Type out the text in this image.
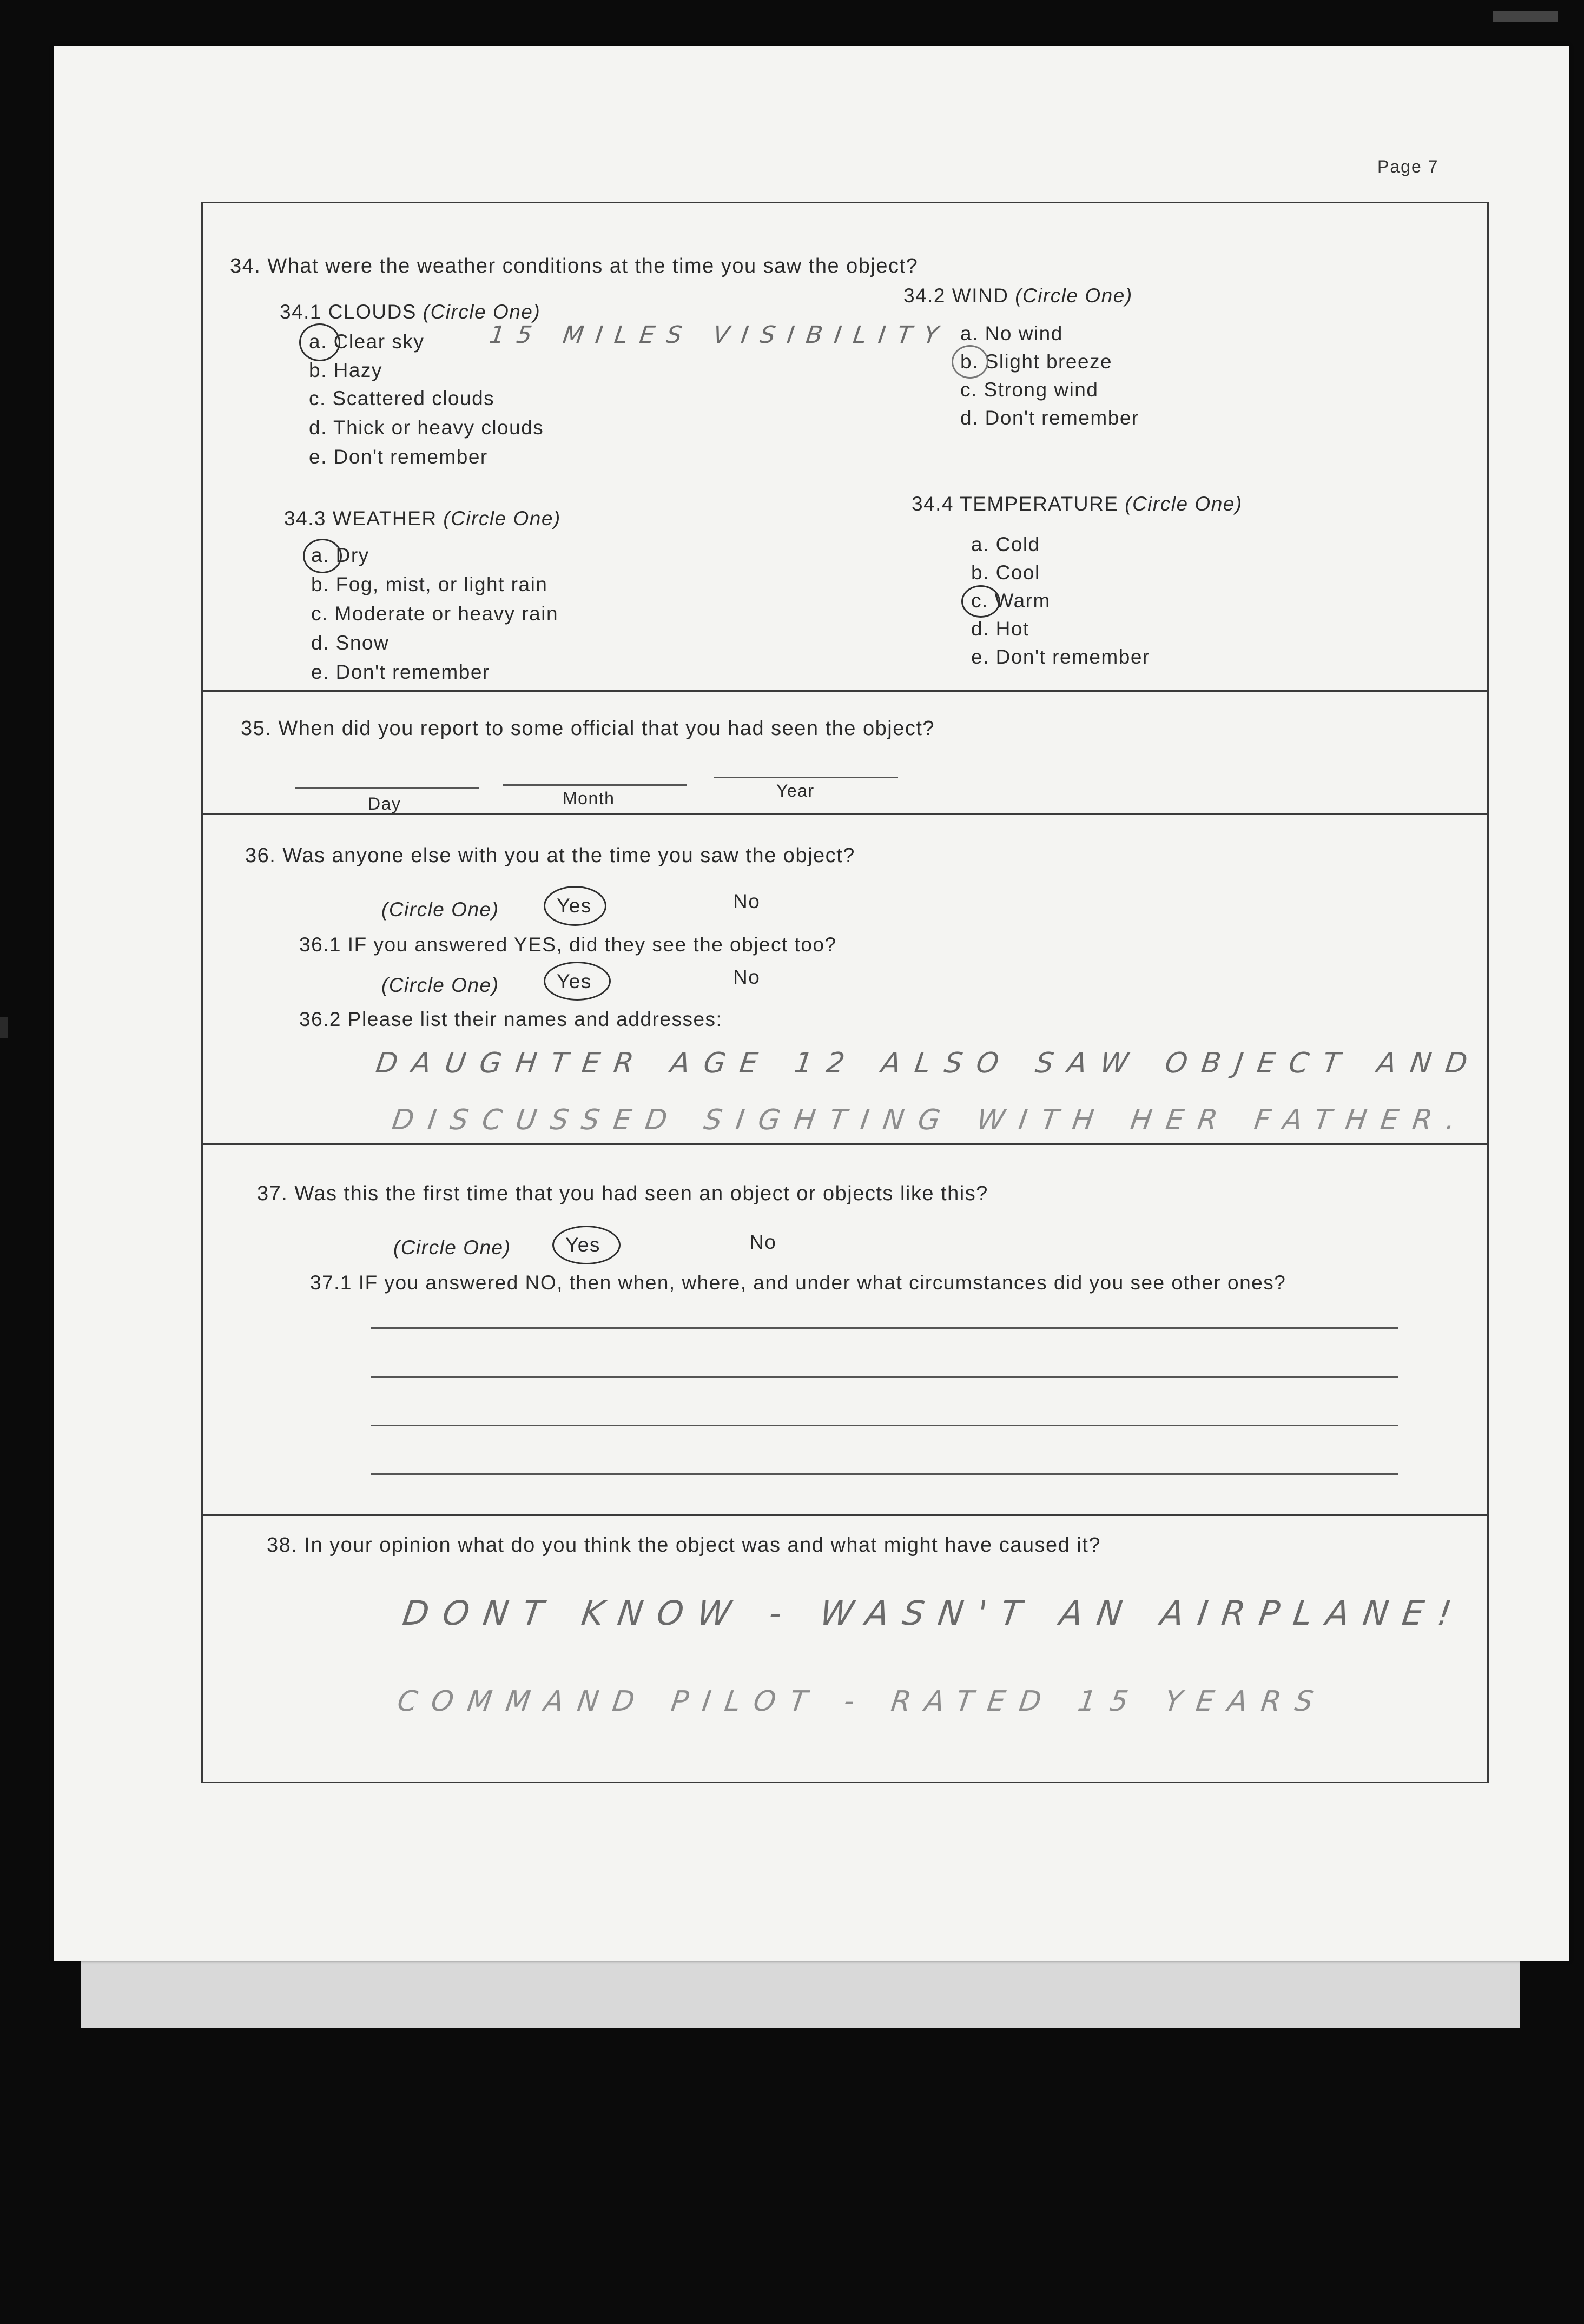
Page 7
34. What were the weather conditions at the time you saw the object?
34.1 CLOUDS (Circle One)
a. Clear sky	15 MILES VISIBILITY
b. Hazy
c. Scattered clouds
d. Thick or heavy clouds
e. Don't remember
34.2 WIND (Circle One)
a. No wind
b. Slight breeze
c. Strong wind
d. Don't remember
34.3 WEATHER (Circle One)
a. Dry
b. Fog, mist, or light rain
c. Moderate or heavy rain
d. Snow
e. Don't remember
34.4 TEMPERATURE (Circle One)
a. Cold
b. Cool
c. Warm
d. Hot
e. Don't remember
35. When did you report to some official that you had seen the object?
Day	Month	Year
36. Was anyone else with you at the time you saw the object?
(Circle One)	Yes	No
36.1 IF you answered YES, did they see the object too?
(Circle One)	Yes	No
36.2 Please list their names and addresses:
DAUGHTER AGE 12 ALSO SAW OBJECT AND
DISCUSSED SIGHTING WITH HER FATHER.
37. Was this the first time that you had seen an object or objects like this?
(Circle One)	Yes	No
37.1 IF you answered NO, then when, where, and under what circumstances did you see other ones?
38. In your opinion what do you think the object was and what might have caused it?
DONT KNOW - WASN'T AN AIRPLANE!
COMMAND PILOT - RATED 15 YEARS
